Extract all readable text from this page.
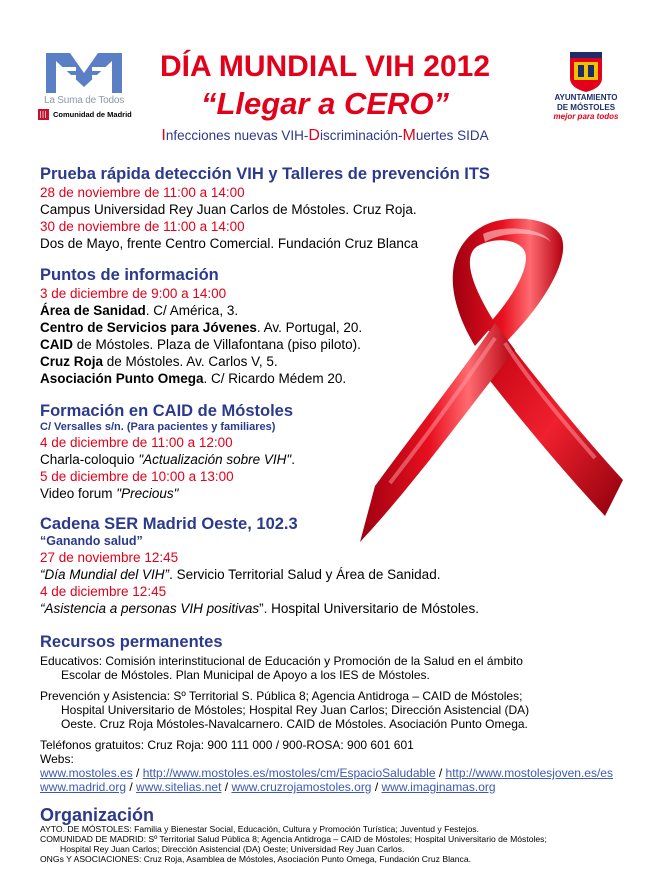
La Suma de Todos
Comunidad de Madrid
DÍA MUNDIAL VIH 2012
“Llegar a CERO”
Infecciones nuevas VIH-Discriminación-Muertes SIDA
AYUNTAMIENTO
DE MÓSTOLES
mejor para todos
Prueba rápida detección VIH y Talleres de prevención ITS
28 de noviembre de 11:00 a 14:00
Campus Universidad Rey Juan Carlos de Móstoles. Cruz Roja.
30 de noviembre de 11:00 a 14:00
Dos de Mayo, frente Centro Comercial. Fundación Cruz Blanca
Puntos de información
3 de diciembre de 9:00 a 14:00
Área de Sanidad. C/ América, 3.
Centro de Servicios para Jóvenes. Av. Portugal, 20.
CAID de Móstoles. Plaza de Villafontana (piso piloto).
Cruz Roja de Móstoles. Av. Carlos V, 5.
Asociación Punto Omega. C/ Ricardo Médem 20.
Formación en CAID de Móstoles
C/ Versalles s/n. (Para pacientes y familiares)
4 de diciembre de 11:00 a 12:00
Charla-coloquio "Actualización sobre VIH".
5 de diciembre de 10:00 a 13:00
Video forum "Precious"
Cadena SER Madrid Oeste, 102.3
“Ganando salud”
27 de noviembre 12:45
“Día Mundial del VIH”. Servicio Territorial Salud y Área de Sanidad.
4 de diciembre 12:45
“Asistencia a personas VIH positivas”. Hospital Universitario de Móstoles.
Recursos permanentes
Educativos: Comisión interinstitucional de Educación y Promoción de la Salud en el ámbito
Escolar de Móstoles. Plan Municipal de Apoyo a los IES de Móstoles.
Prevención y Asistencia: Sº Territorial S. Pública 8; Agencia Antidroga – CAID de Móstoles;
Hospital Universitario de Móstoles; Hospital Rey Juan Carlos; Dirección Asistencial (DA)
Oeste. Cruz Roja Móstoles-Navalcarnero. CAID de Móstoles. Asociación Punto Omega.
Teléfonos gratuitos: Cruz Roja: 900 111 000 / 900-ROSA: 900 601 601
Webs:
www.mostoles.es / http://www.mostoles.es/mostoles/cm/EspacioSaludable / http://www.mostolesjoven.es/es
www.madrid.org / www.sitelias.net / www.cruzrojamostoles.org / www.imaginamas.org
Organización
AYTO. DE MÓSTOLES: Familia y Bienestar Social, Educación, Cultura y Promoción Turística; Juventud y Festejos.
COMUNIDAD DE MADRID: Sº Territorial Salud Pública 8; Agencia Antidroga – CAID de Móstoles; Hospital Universitario de Móstoles;
Hospital Rey Juan Carlos; Dirección Asistencial (DA) Oeste; Universidad Rey Juan Carlos.
ONGs Y ASOCIACIONES: Cruz Roja, Asamblea de Móstoles, Asociación Punto Omega, Fundación Cruz Blanca.
